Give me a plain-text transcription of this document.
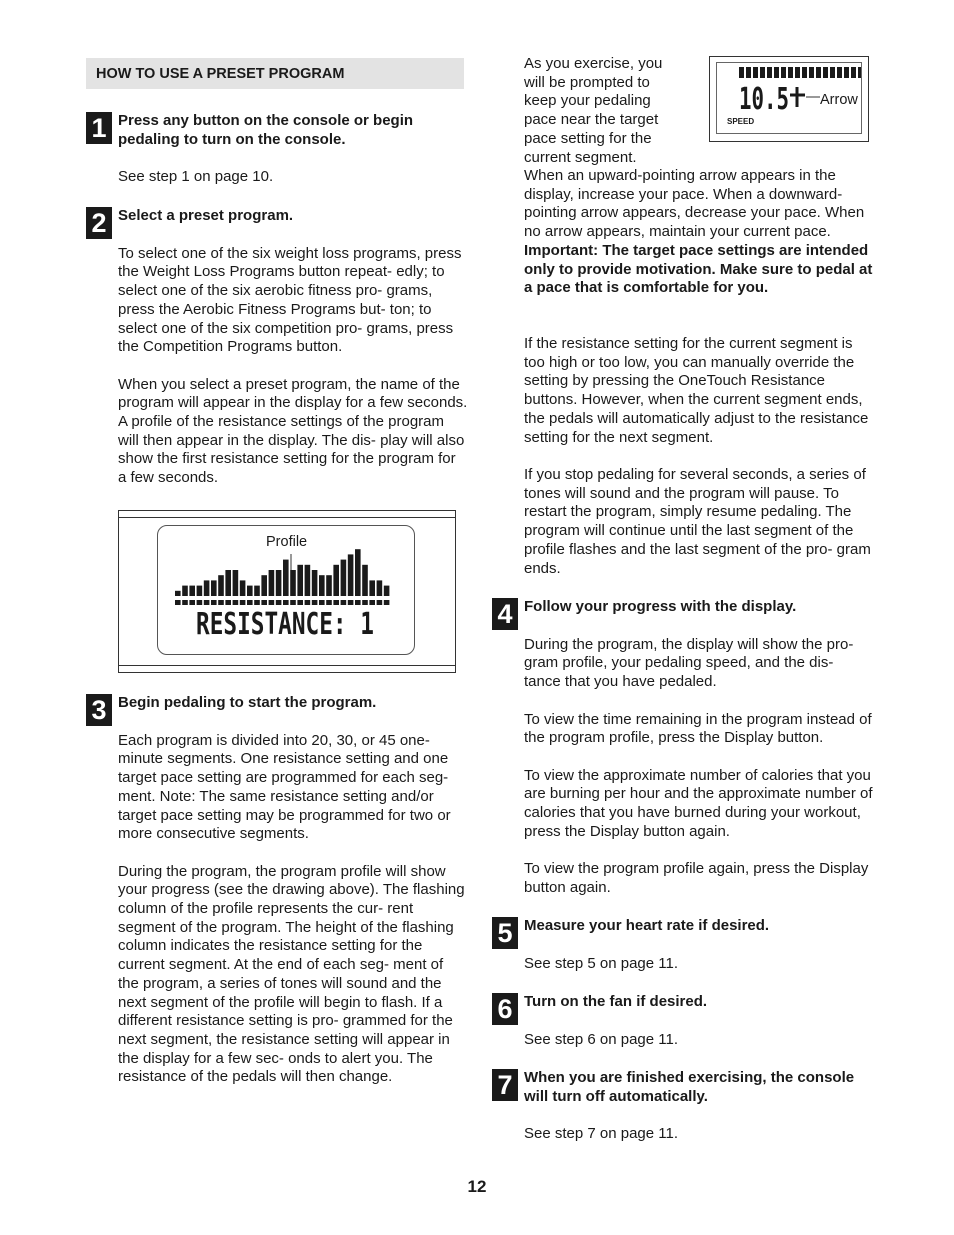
HOW TO USE A PRESET PROGRAM
1 Press any button on the console or begin pedaling to turn on the console.

See step 1 on page 10.

2 Select a preset program.

To select one of the six weight loss programs, press the Weight Loss Programs button repeat- edly; to select one of the six aerobic fitness pro- grams, press the Aerobic Fitness Programs but- ton; to select one of the six competition pro- grams, press the Competition Programs button.

When you select a preset program, the name of the program will appear in the display for a few seconds. A profile of the resistance settings of the program will then appear in the display. The dis- play will also show the first resistance setting for the program for a few seconds.

3 Begin pedaling to start the program.

Each program is divided into 20, 30, or 45 one- minute segments. One resistance setting and one target pace setting are programmed for each seg- ment. Note: The same resistance setting and/or target pace setting may be programmed for two or more consecutive segments.

During the program, the program profile will show your progress (see the drawing above). The flashing column of the profile represents the cur- rent segment of the program. The height of the flashing column indicates the resistance setting for the current segment. At the end of each seg- ment of the program, a series of tones will sound and the next segment of the profile will begin to flash. If a different resistance setting is pro- grammed for the next segment, the resistance setting will appear in the display for a few sec- onds to alert you. The resistance of the pedals will then change.

Profile
RESISTANCE: 1
As you exercise, you will be prompted to keep your pedaling pace near the target pace setting for the current segment.
When an upward-pointing arrow appears in the display, increase your pace. When a downward- pointing arrow appears, decrease your pace. When no arrow appears, maintain your current pace. Important: The target pace settings are intended only to provide motivation. Make sure to pedal at a pace that is comfortable for you.
If the resistance setting for the current segment is too high or too low, you can manually override the setting by pressing the OneTouch Resistance buttons. However, when the current segment ends, the pedals will automatically adjust to the resistance setting for the next segment.
If you stop pedaling for several seconds, a series of tones will sound and the program will pause. To restart the program, simply resume pedaling. The program will continue until the last segment of the profile flashes and the last segment of the pro- gram ends.
4 Follow your progress with the display.

During the program, the display will show the pro- gram profile, your pedaling speed, and the dis- tance that you have pedaled.

To view the time remaining in the program instead of the program profile, press the Display button.

To view the approximate number of calories that you are burning per hour and the approximate number of calories that you have burned during your workout, press the Display button again.

To view the program profile again, press the Display button again.

5 Measure your heart rate if desired.

See step 5 on page 11.

6 Turn on the fan if desired.

See step 6 on page 11.

7 When you are finished exercising, the console will turn off automatically.

See step 7 on page 11.

10.5
SPEED
Arrow
12
